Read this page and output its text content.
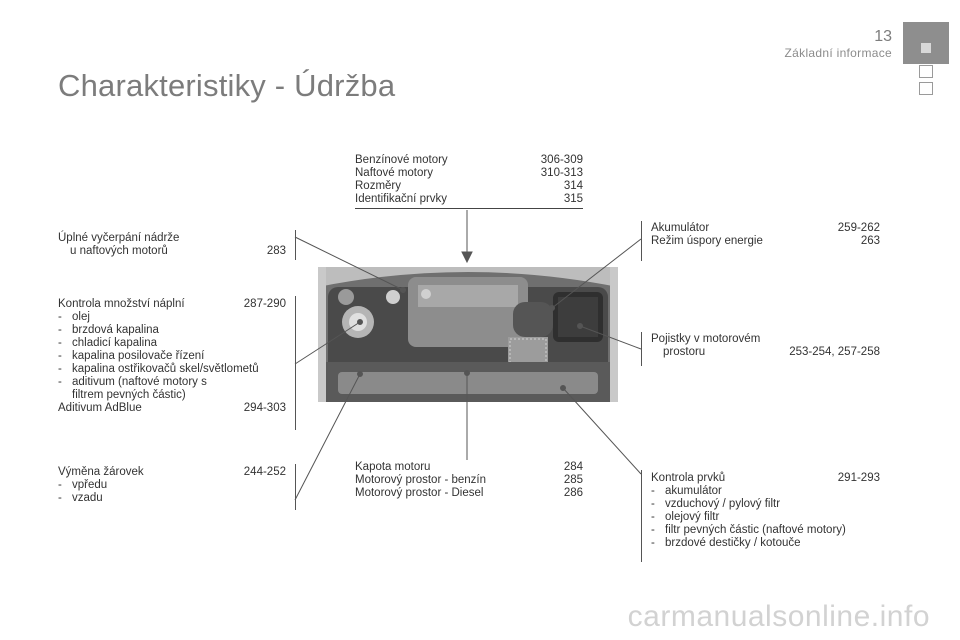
13
Základní informace
Charakteristiky - Údržba
Benzínové motory	306-309
Naftové motory	310-313
Rozměry	314
Identifikační prvky	315
Úplné vyčerpání nádrže
u naftových motorů	283
Kontrola množství náplní	287-290
- olej
- brzdová kapalina
- chladicí kapalina
- kapalina posilovače řízení
- kapalina ostřikovačů skel/světlometů
- aditivum (naftové motory s
filtrem pevných částic)
Aditivum AdBlue	294-303
Výměna žárovek	244-252
- vpředu
- vzadu
Kapota motoru	284
Motorový prostor - benzín	285
Motorový prostor - Diesel	286
Akumulátor	259-262
Režim úspory energie	263
Pojistky v motorovém
prostoru	253-254, 257-258
Kontrola prvků	291-293
- akumulátor
- vzduchový / pylový filtr
- olejový filtr
- filtr pevných částic (naftové motory)
- brzdové destičky / kotouče
carmanualsonline.info
